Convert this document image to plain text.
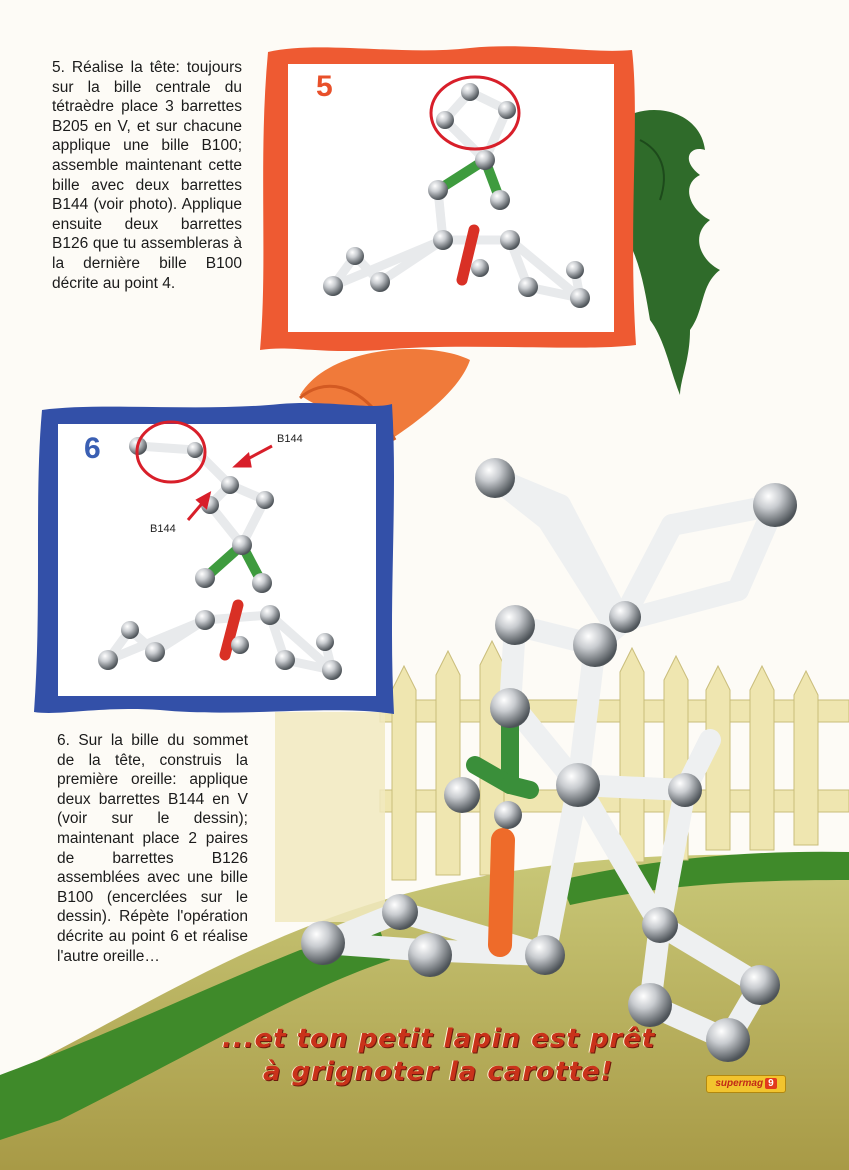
5
6	B144
B144
5. Réalise la tête: toujours sur la bille centrale du tétraèdre place 3 barrettes B205 en V, et sur chacune applique une bille B100; assemble maintenant cette bille avec deux barrettes B144 (voir photo). Applique ensuite deux barrettes B126 que tu assembleras à la dernière bille B100 décrite au point 4.
6. Sur la bille du sommet de la tête, construis la première oreille: applique deux barrettes B144 en V (voir sur le dessin); maintenant place 2 paires de barrettes B126 assemblées avec une bille B100 (encerclées sur le dessin). Répète l'opération décrite au point 6 et réalise l'autre oreille…
...et ton petit lapin est prêt
à grignoter la carotte!	supermag 9
